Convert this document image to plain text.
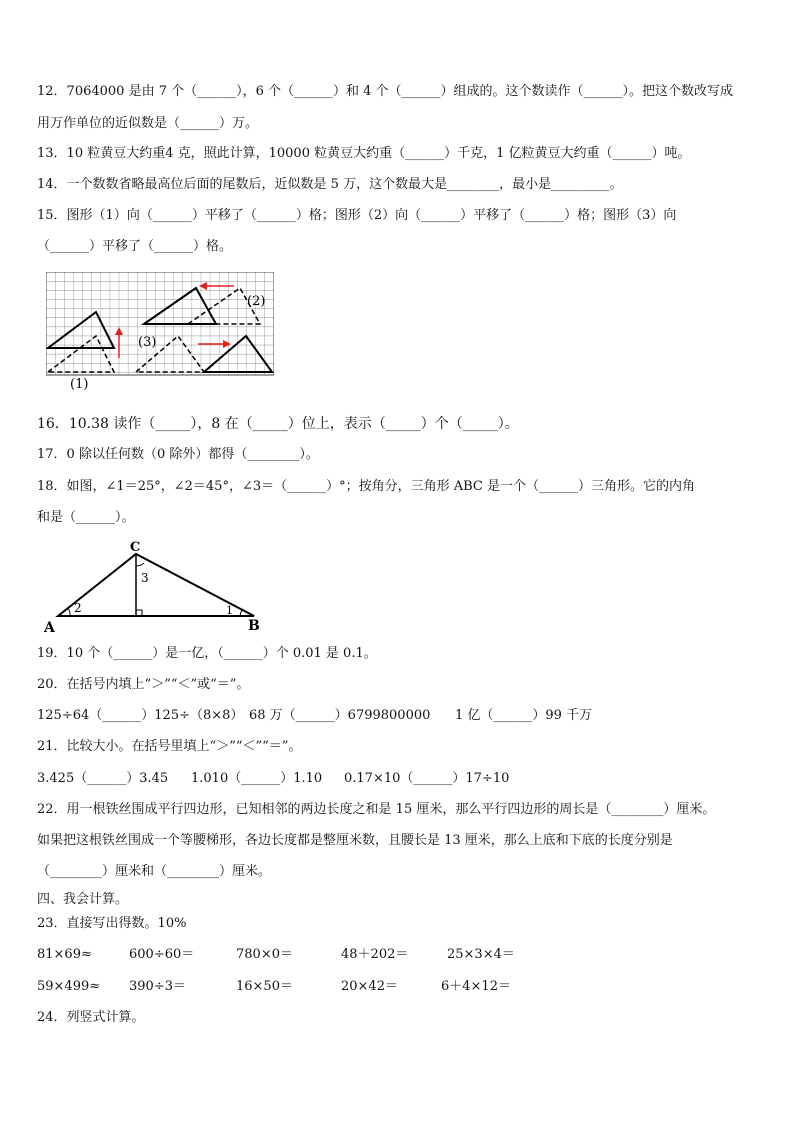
12．7064000 是由 7 个（______），6 个（______）和 4 个（______）组成的。这个数读作（______）。把这个数改写成
用万作单位的近似数是（______）万。
13．10 粒黄豆大约重4 克，照此计算，10000 粒黄豆大约重（______）千克，1 亿粒黄豆大约重（______）吨。
14．一个数数省略最高位后面的尾数后，近似数是 5 万，这个数最大是________，最小是_________。
15．图形（1）向（______）平移了（______）格；图形（2）向（______）平移了（______）格；图形（3）向
（______）平移了（______）格。
(1)
(2)
(3)
16．10.38 读作（_____），8 在（_____）位上，表示（_____）个（_____）。
17．0 除以任何数（0 除外）都得（________）。
18．如图，∠1＝25°，∠2＝45°，∠3＝（______）°；按角分，三角形 ABC 是一个（______）三角形。它的内角
和是（______）。
A	B
C
1
2
3
19．10 个（______）是一亿，（______）个 0.01 是 0.1。
20．在括号内填上“＞”“＜”或“＝”。
125÷64（______）125÷（8×8） 68 万（______）6799800000 1 亿（______）99 千万
21．比较大小。在括号里填上“＞”“＜”“＝”。
3.425（______）3.45 1.010（______）1.10 0.17×10（______）17÷10
22．用一根铁丝围成平行四边形，已知相邻的两边长度之和是 15 厘米，那么平行四边形的周长是（________）厘米。
如果把这根铁丝围成一个等腰梯形，各边长度都是整厘米数，且腰长是 13 厘米，那么上底和下底的长度分别是
（________）厘米和（________）厘米。
四、我会计算。
23．直接写出得数。10%
81×69≈	600÷60＝	780×0＝	48＋202＝	25×3×4＝
59×499≈ 390÷3＝	16×50＝	20×42＝	6＋4×12＝
24．列竖式计算。
